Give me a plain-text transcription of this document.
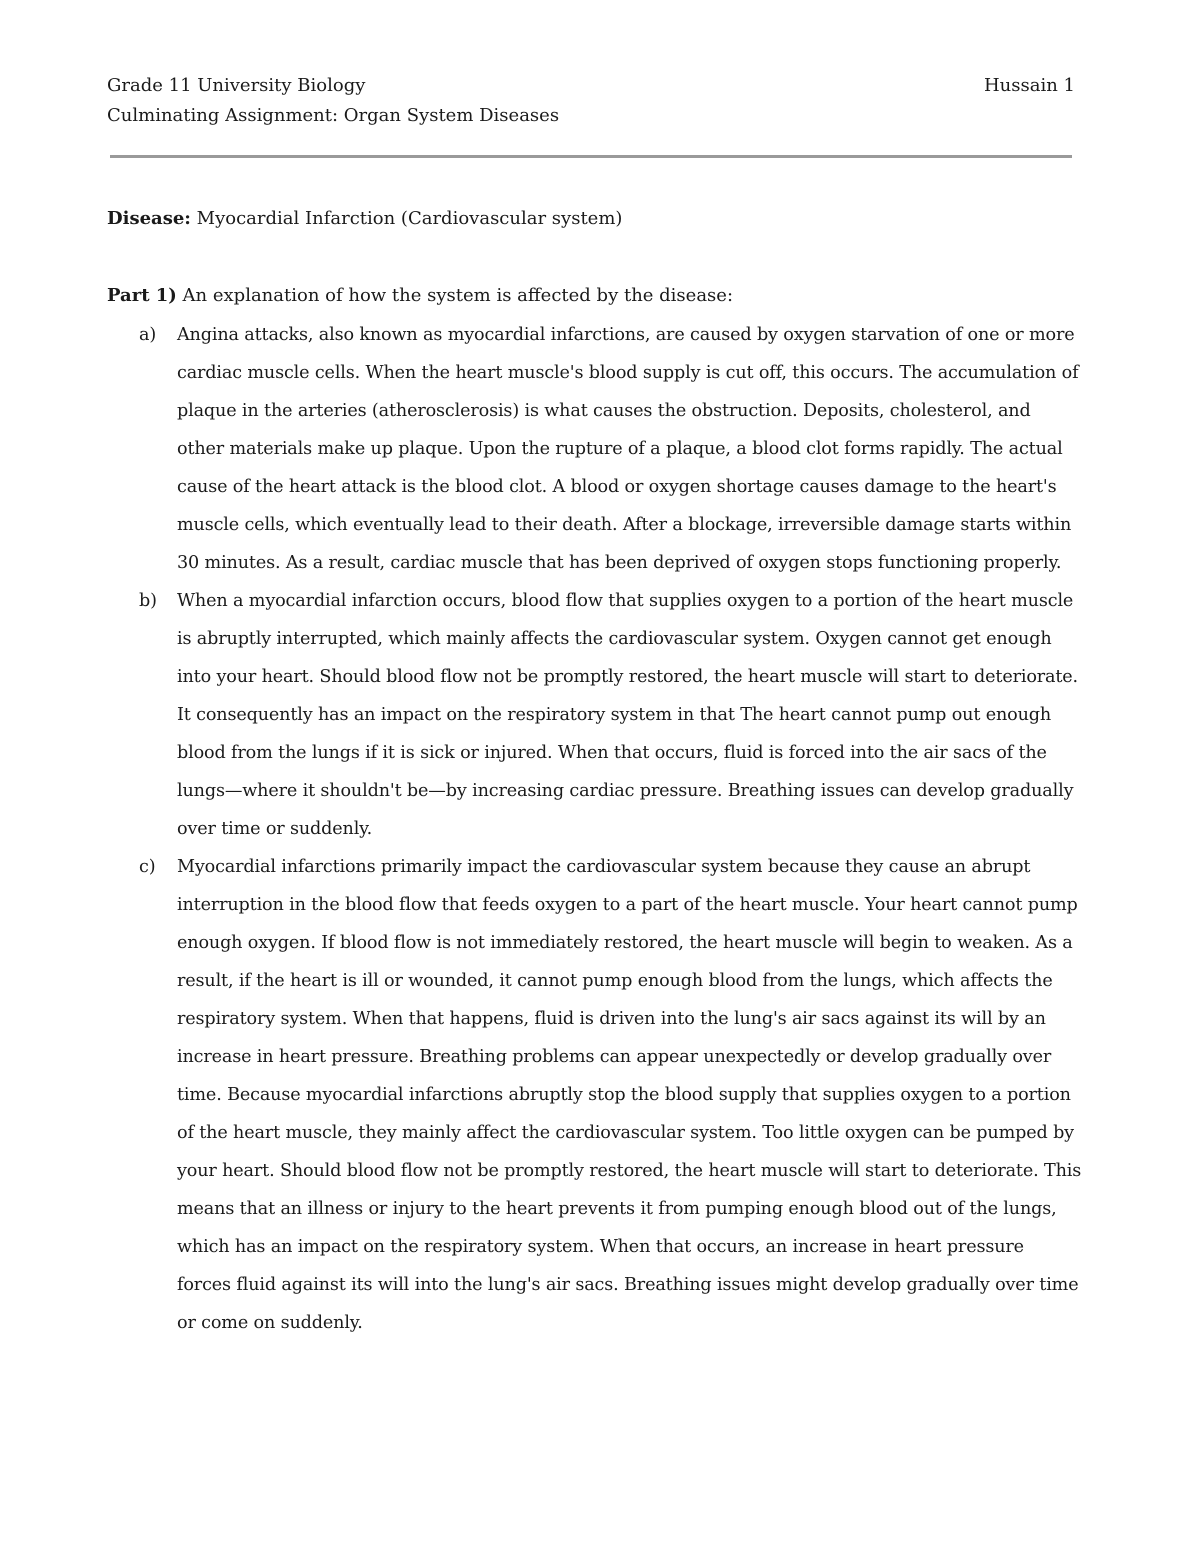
Grade 11 University Biology	Hussain 1
Culminating Assignment: Organ System Diseases
Disease: Myocardial Infarction (Cardiovascular system)
Part 1) An explanation of how the system is affected by the disease:
a) Angina attacks, also known as myocardial infarctions, are caused by oxygen starvation of one or more cardiac muscle cells. When the heart muscle's blood supply is cut off, this occurs. The accumulation of plaque in the arteries (atherosclerosis) is what causes the obstruction. Deposits, cholesterol, and other materials make up plaque. Upon the rupture of a plaque, a blood clot forms rapidly. The actual cause of the heart attack is the blood clot. A blood or oxygen shortage causes damage to the heart's muscle cells, which eventually lead to their death. After a blockage, irreversible damage starts within 30 minutes. As a result, cardiac muscle that has been deprived of oxygen stops functioning properly.
b) When a myocardial infarction occurs, blood flow that supplies oxygen to a portion of the heart muscle is abruptly interrupted, which mainly affects the cardiovascular system. Oxygen cannot get enough into your heart. Should blood flow not be promptly restored, the heart muscle will start to deteriorate. It consequently has an impact on the respiratory system in that The heart cannot pump out enough blood from the lungs if it is sick or injured. When that occurs, fluid is forced into the air sacs of the lungs—where it shouldn't be—by increasing cardiac pressure. Breathing issues can develop gradually over time or suddenly.
c) Myocardial infarctions primarily impact the cardiovascular system because they cause an abrupt interruption in the blood flow that feeds oxygen to a part of the heart muscle. Your heart cannot pump enough oxygen. If blood flow is not immediately restored, the heart muscle will begin to weaken. As a result, if the heart is ill or wounded, it cannot pump enough blood from the lungs, which affects the respiratory system. When that happens, fluid is driven into the lung's air sacs against its will by an increase in heart pressure. Breathing problems can appear unexpectedly or develop gradually over time. Because myocardial infarctions abruptly stop the blood supply that supplies oxygen to a portion of the heart muscle, they mainly affect the cardiovascular system. Too little oxygen can be pumped by your heart. Should blood flow not be promptly restored, the heart muscle will start to deteriorate. This means that an illness or injury to the heart prevents it from pumping enough blood out of the lungs, which has an impact on the respiratory system. When that occurs, an increase in heart pressure forces fluid against its will into the lung's air sacs. Breathing issues might develop gradually over time or come on suddenly.
